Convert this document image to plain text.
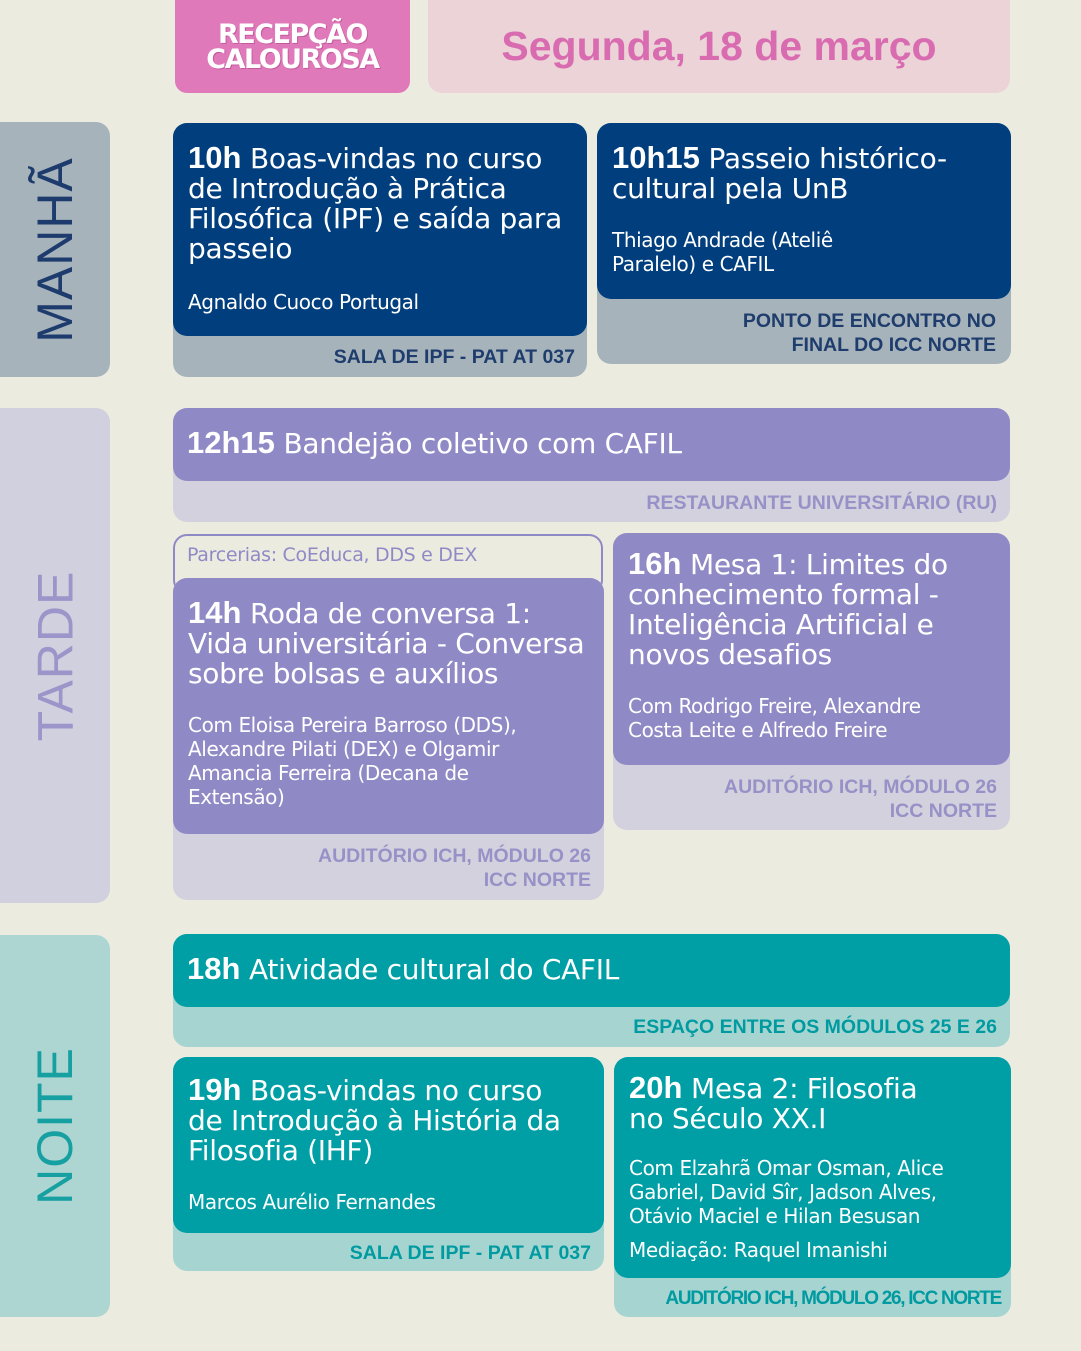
RECEPÇÃO
CALOUROSA	Segunda, 18 de março
MANHÃ
TARDE
NOITE
10h Boas-vindas no curso de Introdução à Prática Filosófica (IPF) e saída para passeio
Agnaldo Cuoco Portugal
SALA DE IPF - PAT AT 037
10h15 Passeio histórico-cultural pela UnB
Thiago Andrade (Ateliê Paralelo) e CAFIL
PONTO DE ENCONTRO NO FINAL DO ICC NORTE
12h15 Bandejão coletivo com CAFIL
RESTAURANTE UNIVERSITÁRIO (RU)
Parcerias: CoEduca, DDS e DEX
14h Roda de conversa 1: Vida universitária - Conversa sobre bolsas e auxílios
Com Eloisa Pereira Barroso (DDS), Alexandre Pilati (DEX) e Olgamir Amancia Ferreira (Decana de Extensão)
AUDITÓRIO ICH, MÓDULO 26 ICC NORTE
16h Mesa 1: Limites do conhecimento formal - Inteligência Artificial e novos desafios
Com Rodrigo Freire, Alexandre Costa Leite e Alfredo Freire
AUDITÓRIO ICH, MÓDULO 26 ICC NORTE
18h Atividade cultural do CAFIL
ESPAÇO ENTRE OS MÓDULOS 25 E 26
19h Boas-vindas no curso de Introdução à História da Filosofia (IHF)
Marcos Aurélio Fernandes
SALA DE IPF - PAT AT 037
20h Mesa 2: Filosofia no Século XX.I
Com Elzahrã Omar Osman, Alice Gabriel, David Sîr, Jadson Alves, Otávio Maciel e Hilan Besusan
Mediação: Raquel Imanishi
AUDITÓRIO ICH, MÓDULO 26, ICC NORTE
